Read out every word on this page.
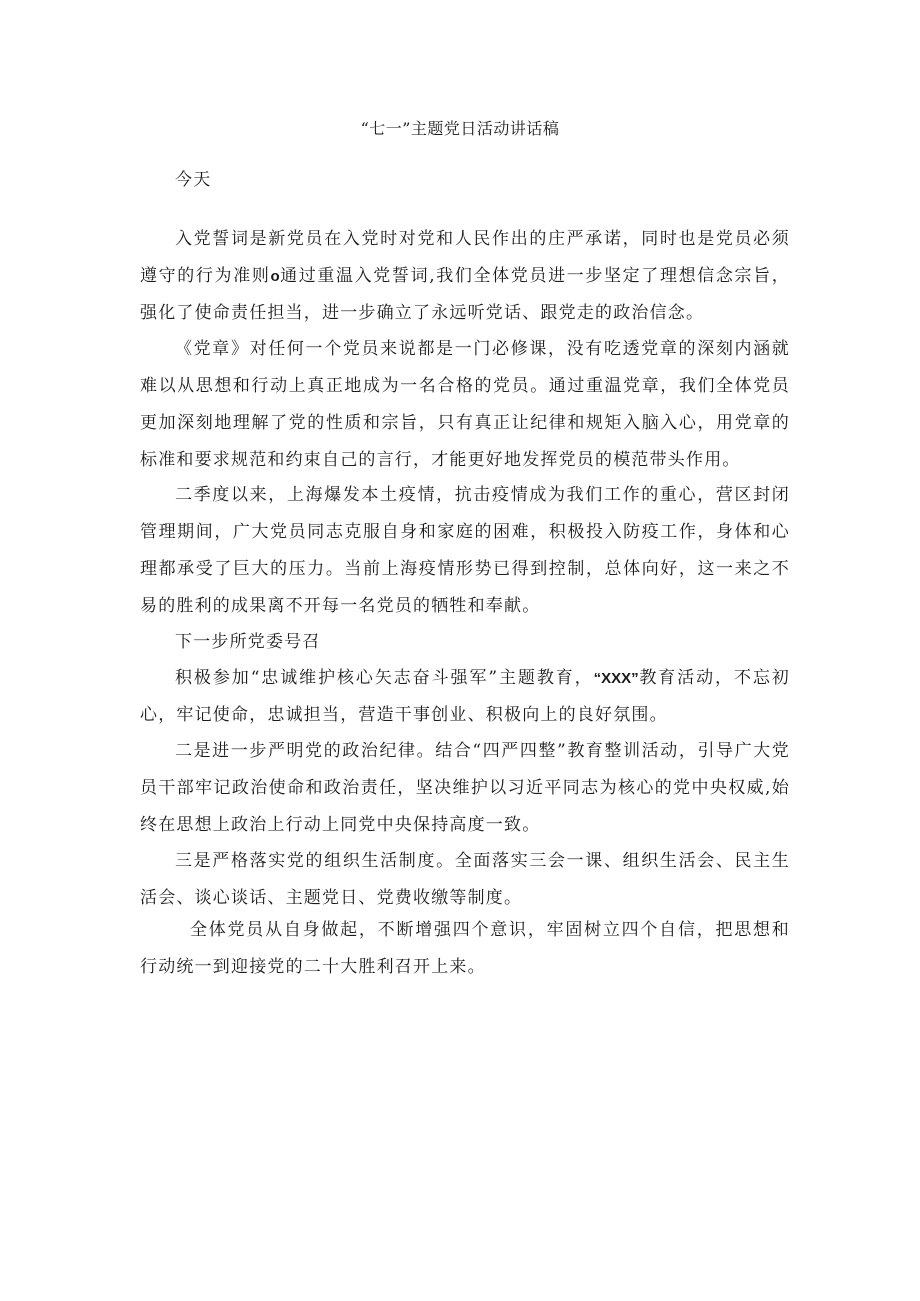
“七一”主题党日活动讲话稿

今天

入党誓词是新党员在入党时对党和人民作出的庄严承诺，同时也是党员必须遵守的行为准则o通过重温入党誓词,我们全体党员进一步坚定了理想信念宗旨，强化了使命责任担当，进一步确立了永远听党话、跟党走的政治信念。

《党章》对任何一个党员来说都是一门必修课，没有吃透党章的深刻内涵就难以从思想和行动上真正地成为一名合格的党员。通过重温党章，我们全体党员更加深刻地理解了党的性质和宗旨，只有真正让纪律和规矩入脑入心，用党章的标准和要求规范和约束自己的言行，才能更好地发挥党员的模范带头作用。

二季度以来，上海爆发本土疫情，抗击疫情成为我们工作的重心，营区封闭管理期间，广大党员同志克服自身和家庭的困难，积极投入防疫工作，身体和心理都承受了巨大的压力。当前上海疫情形势已得到控制，总体向好，这一来之不易的胜利的成果离不开每一名党员的牺牲和奉献。

下一步所党委号召

积极参加“忠诚维护核心矢志奋斗强军”主题教育，“XXX”教育活动，不忘初心，牢记使命，忠诚担当，营造干事创业、积极向上的良好氛围。

二是进一步严明党的政治纪律。结合“四严四整”教育整训活动，引导广大党员干部牢记政治使命和政治责任，坚决维护以习近平同志为核心的党中央权威,始终在思想上政治上行动上同党中央保持高度一致。

三是严格落实党的组织生活制度。全面落实三会一课、组织生活会、民主生活会、谈心谈话、主题党日、党费收缴等制度。

全体党员从自身做起，不断增强四个意识，牢固树立四个自信，把思想和行动统一到迎接党的二十大胜利召开上来。
